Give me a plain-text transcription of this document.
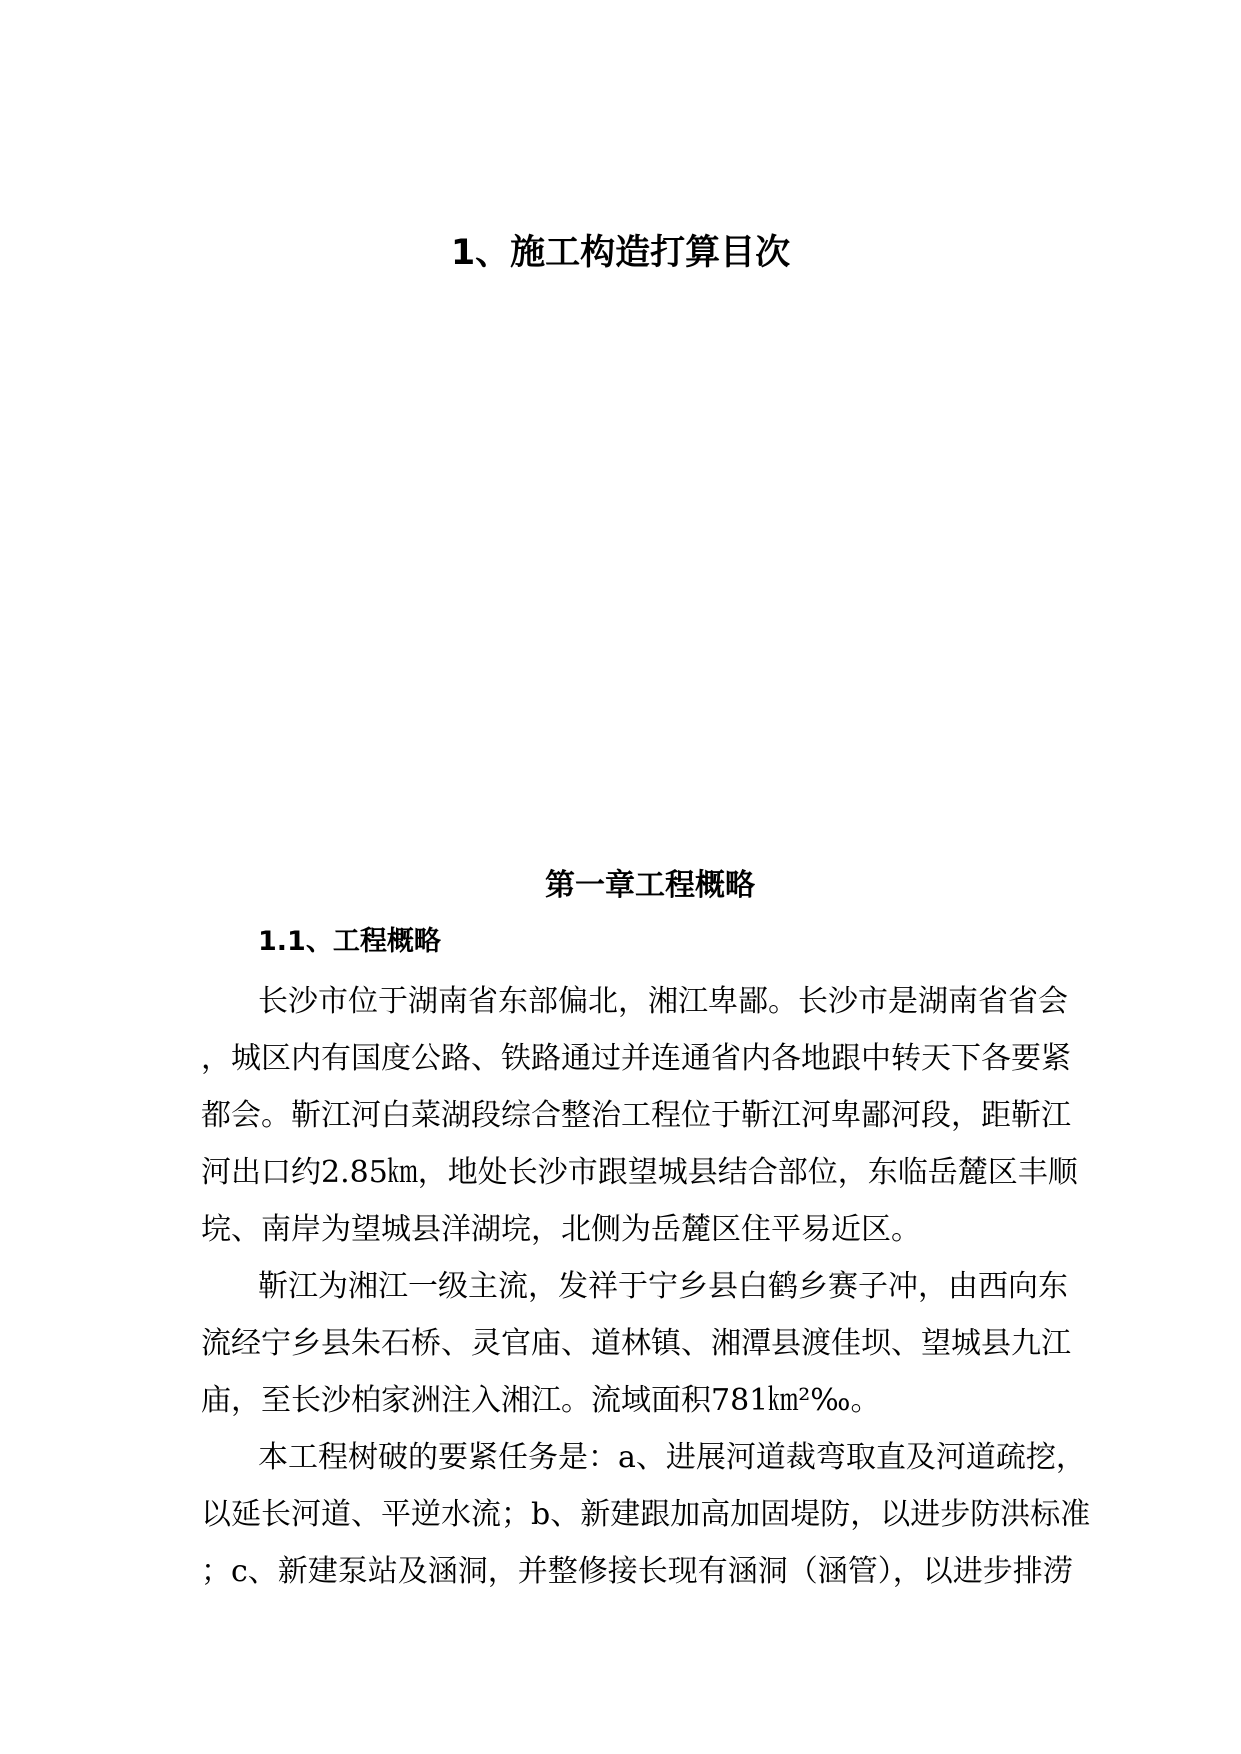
1、施工构造打算目次
第一章工程概略
1.1、工程概略
长沙市位于湖南省东部偏北，湘江卑鄙。长沙市是湖南省省会
，城区内有国度公路、铁路通过并连通省内各地跟中转天下各要紧
都会。靳江河白菜湖段综合整治工程位于靳江河卑鄙河段，距靳江
河出口约2.85㎞，地处长沙市跟望城县结合部位，东临岳麓区丰顺
垸、南岸为望城县洋湖垸，北侧为岳麓区住平易近区。
靳江为湘江一级主流，发祥于宁乡县白鹤乡赛子冲，由西向东
流经宁乡县朱石桥、灵官庙、道林镇、湘潭县渡佳坝、望城县九江
庙，至长沙柏家洲注入湘江。流域面积781㎞²‰。
本工程树破的要紧任务是：a、进展河道裁弯取直及河道疏挖，
以延长河道、平逆水流；b、新建跟加高加固堤防，以进步防洪标准
；c、新建泵站及涵洞，并整修接长现有涵洞（涵管），以进步排涝
